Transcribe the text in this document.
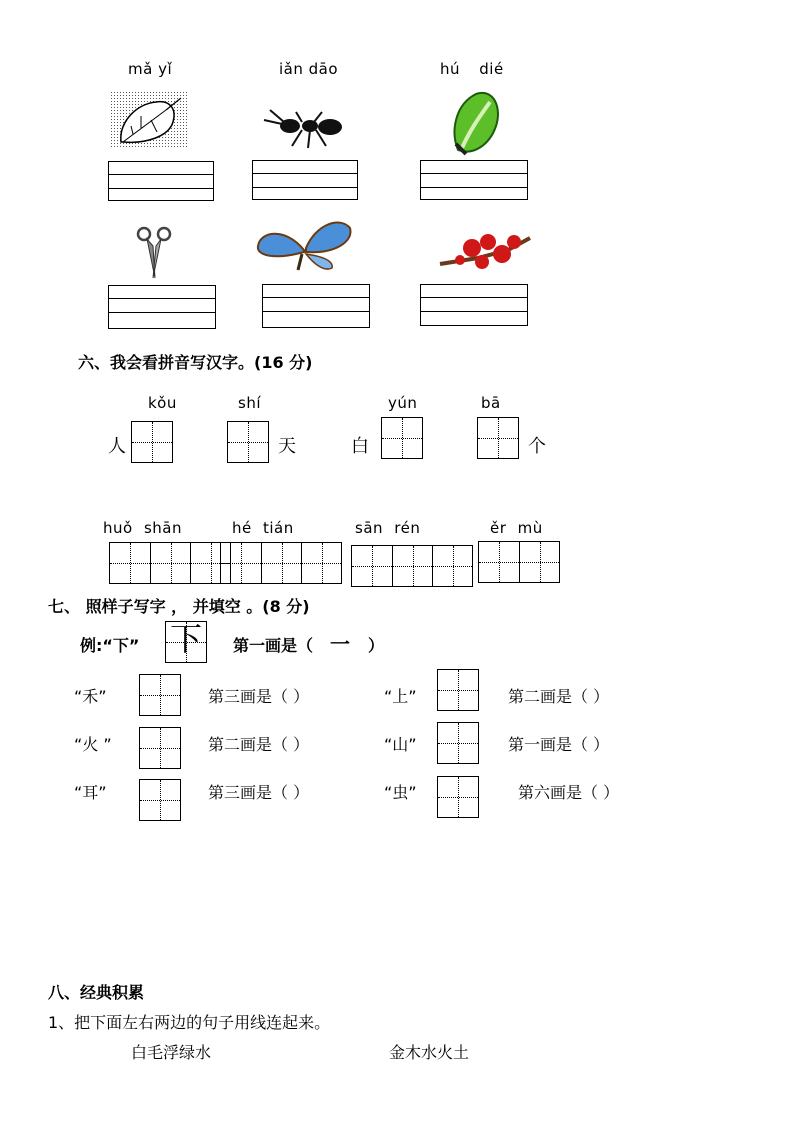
mǎ yǐ	iǎn dāo	hú dié
六、我会看拼音写汉字。(16 分)
kǒu
人
shí
天
yún
白
bā
个
huǒ shān	hé tián	sān rén	ěr mù
七、 照样子写字 ， 并填空 。(8 分)
例:“下” 下	第一画是（ 一 ）
“禾”	第三画是（ ）	“上”	第二画是（ ）
“火 ”	第二画是（ ）	“山”	第一画是（ ）
“耳”	第三画是（ ）	“虫”	第六画是（ ）
八、经典积累
1、把下面左右两边的句子用线连起来。
白毛浮绿水	金木水火土
